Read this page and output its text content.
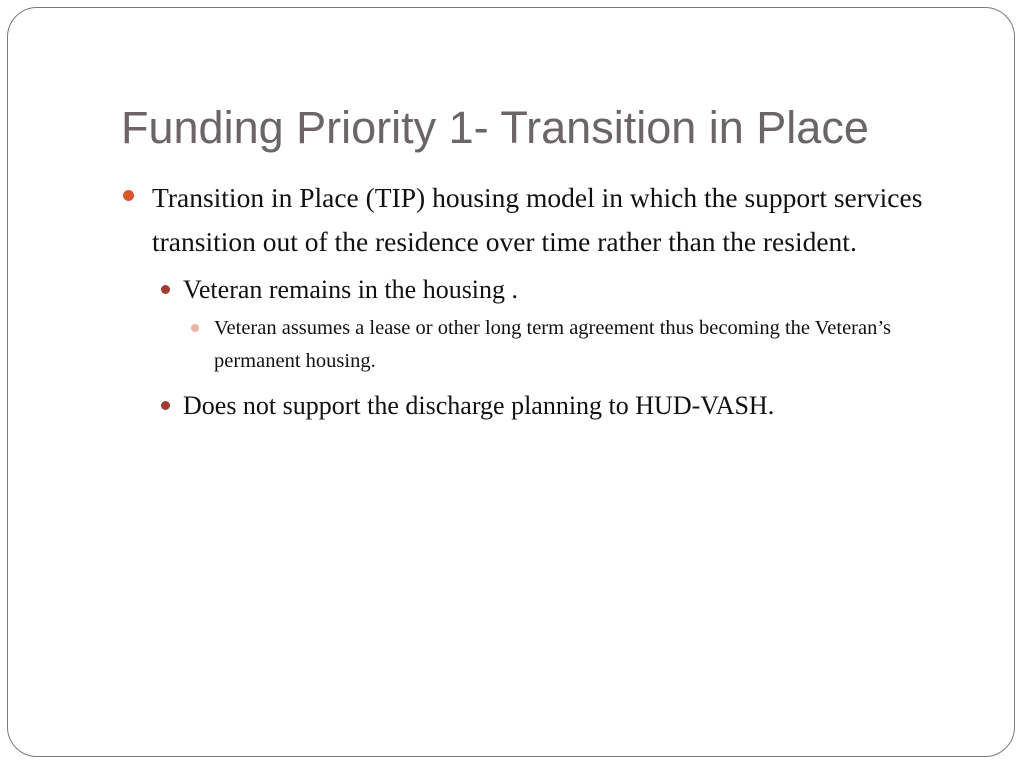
Funding Priority 1- Transition in Place
Transition in Place (TIP) housing model in which the support services transition out of the residence over time rather than the resident.
Veteran remains in the housing .
Veteran assumes a lease or other long term agreement thus becoming the Veteran’s permanent housing.
Does not support the discharge planning to HUD-VASH.
